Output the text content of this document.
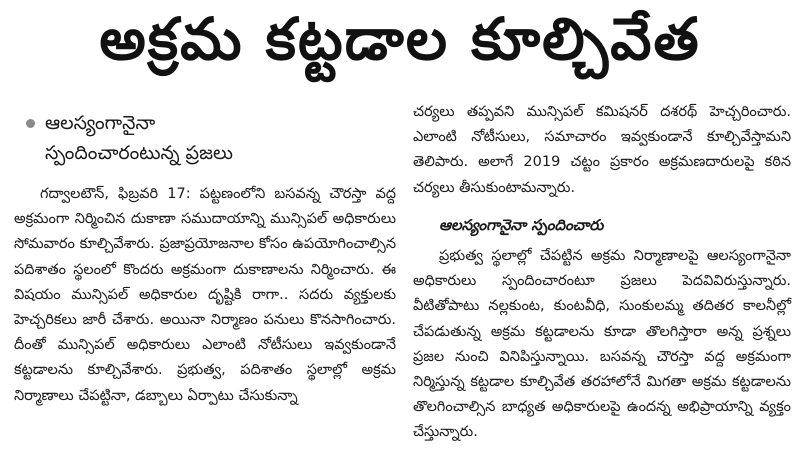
అక్రమ కట్టడాల కూల్చివేత
ఆలస్యంగానైనా
స్పందించారంటున్న ప్రజలు

గద్వాలటౌన్, ఫిబ్రవరి 17: పట్టణంలోని బసవన్న చౌరస్తా వద్ద అక్రమంగా నిర్మించిన దుకాణా సముదాయాన్ని మున్సిపల్ అధికారులు సోమవారం కూల్చివేశారు. ప్రజాప్రయోజనాల కోసం ఉపయోగించాల్సిన పదిశాతం స్థలంలో కొందరు అక్రమంగా దుకాణాలను నిర్మించారు. ఈ విషయం మున్సిపల్ అధికారుల దృష్టికి రాగా.. సదరు వ్యక్తులకు హెచ్చరికలు జారీ చేశారు. అయినా నిర్మాణం పనులు కొనసాగించారు. దీంతో మున్సిపల్ అధికారులు ఎలాంటి నోటీసులు ఇవ్వకుండానే కట్టడాలను కూల్చివేశారు. ప్రభుత్వ, పదిశాతం స్థలాల్లో అక్రమ నిర్మాణాలు చేపట్టినా, డబ్బాలు ఏర్పాటు చేసుకున్నా

చర్యలు తప్పవని మున్సిపల్ కమిషనర్ దశరథ్ హెచ్చరించారు. ఎలాంటి నోటీసులు, సమాచారం ఇవ్వకుండానే కూల్చివేస్తామని తెలిపారు. అలాగే 2019 చట్టం ప్రకారం అక్రమణదారులపై కఠిన చర్యలు తీసుకుంటామన్నారు.

ఆలస్యంగానైనా స్పందించారు

ప్రభుత్వ స్థలాల్లో చేపట్టిన అక్రమ నిర్మాణాలపై ఆలస్యంగానైనా అధికారులు స్పందించారంటూ ప్రజలు పెదవివిరుస్తున్నారు. వీటితోపాటు నల్లకుంట, కుంటవీధి, సుంకులమ్మ తదితర కాలనీల్లో చేపడుతున్న అక్రమ కట్టడాలను కూడా తొలగిస్తారా అన్న ప్రశ్నలు ప్రజల నుంచి వినిపిస్తున్నాయి. బసవన్న చౌరస్తా వద్ద అక్రమంగా నిర్మిస్తున్న కట్టడాల కూల్చివేత తరహాలోనే మిగతా అక్రమ కట్టడాలను తొలగించాల్సిన బాధ్యత అధికారులపై ఉందన్న అభిప్రాయాన్ని వ్యక్తం చేస్తున్నారు.
